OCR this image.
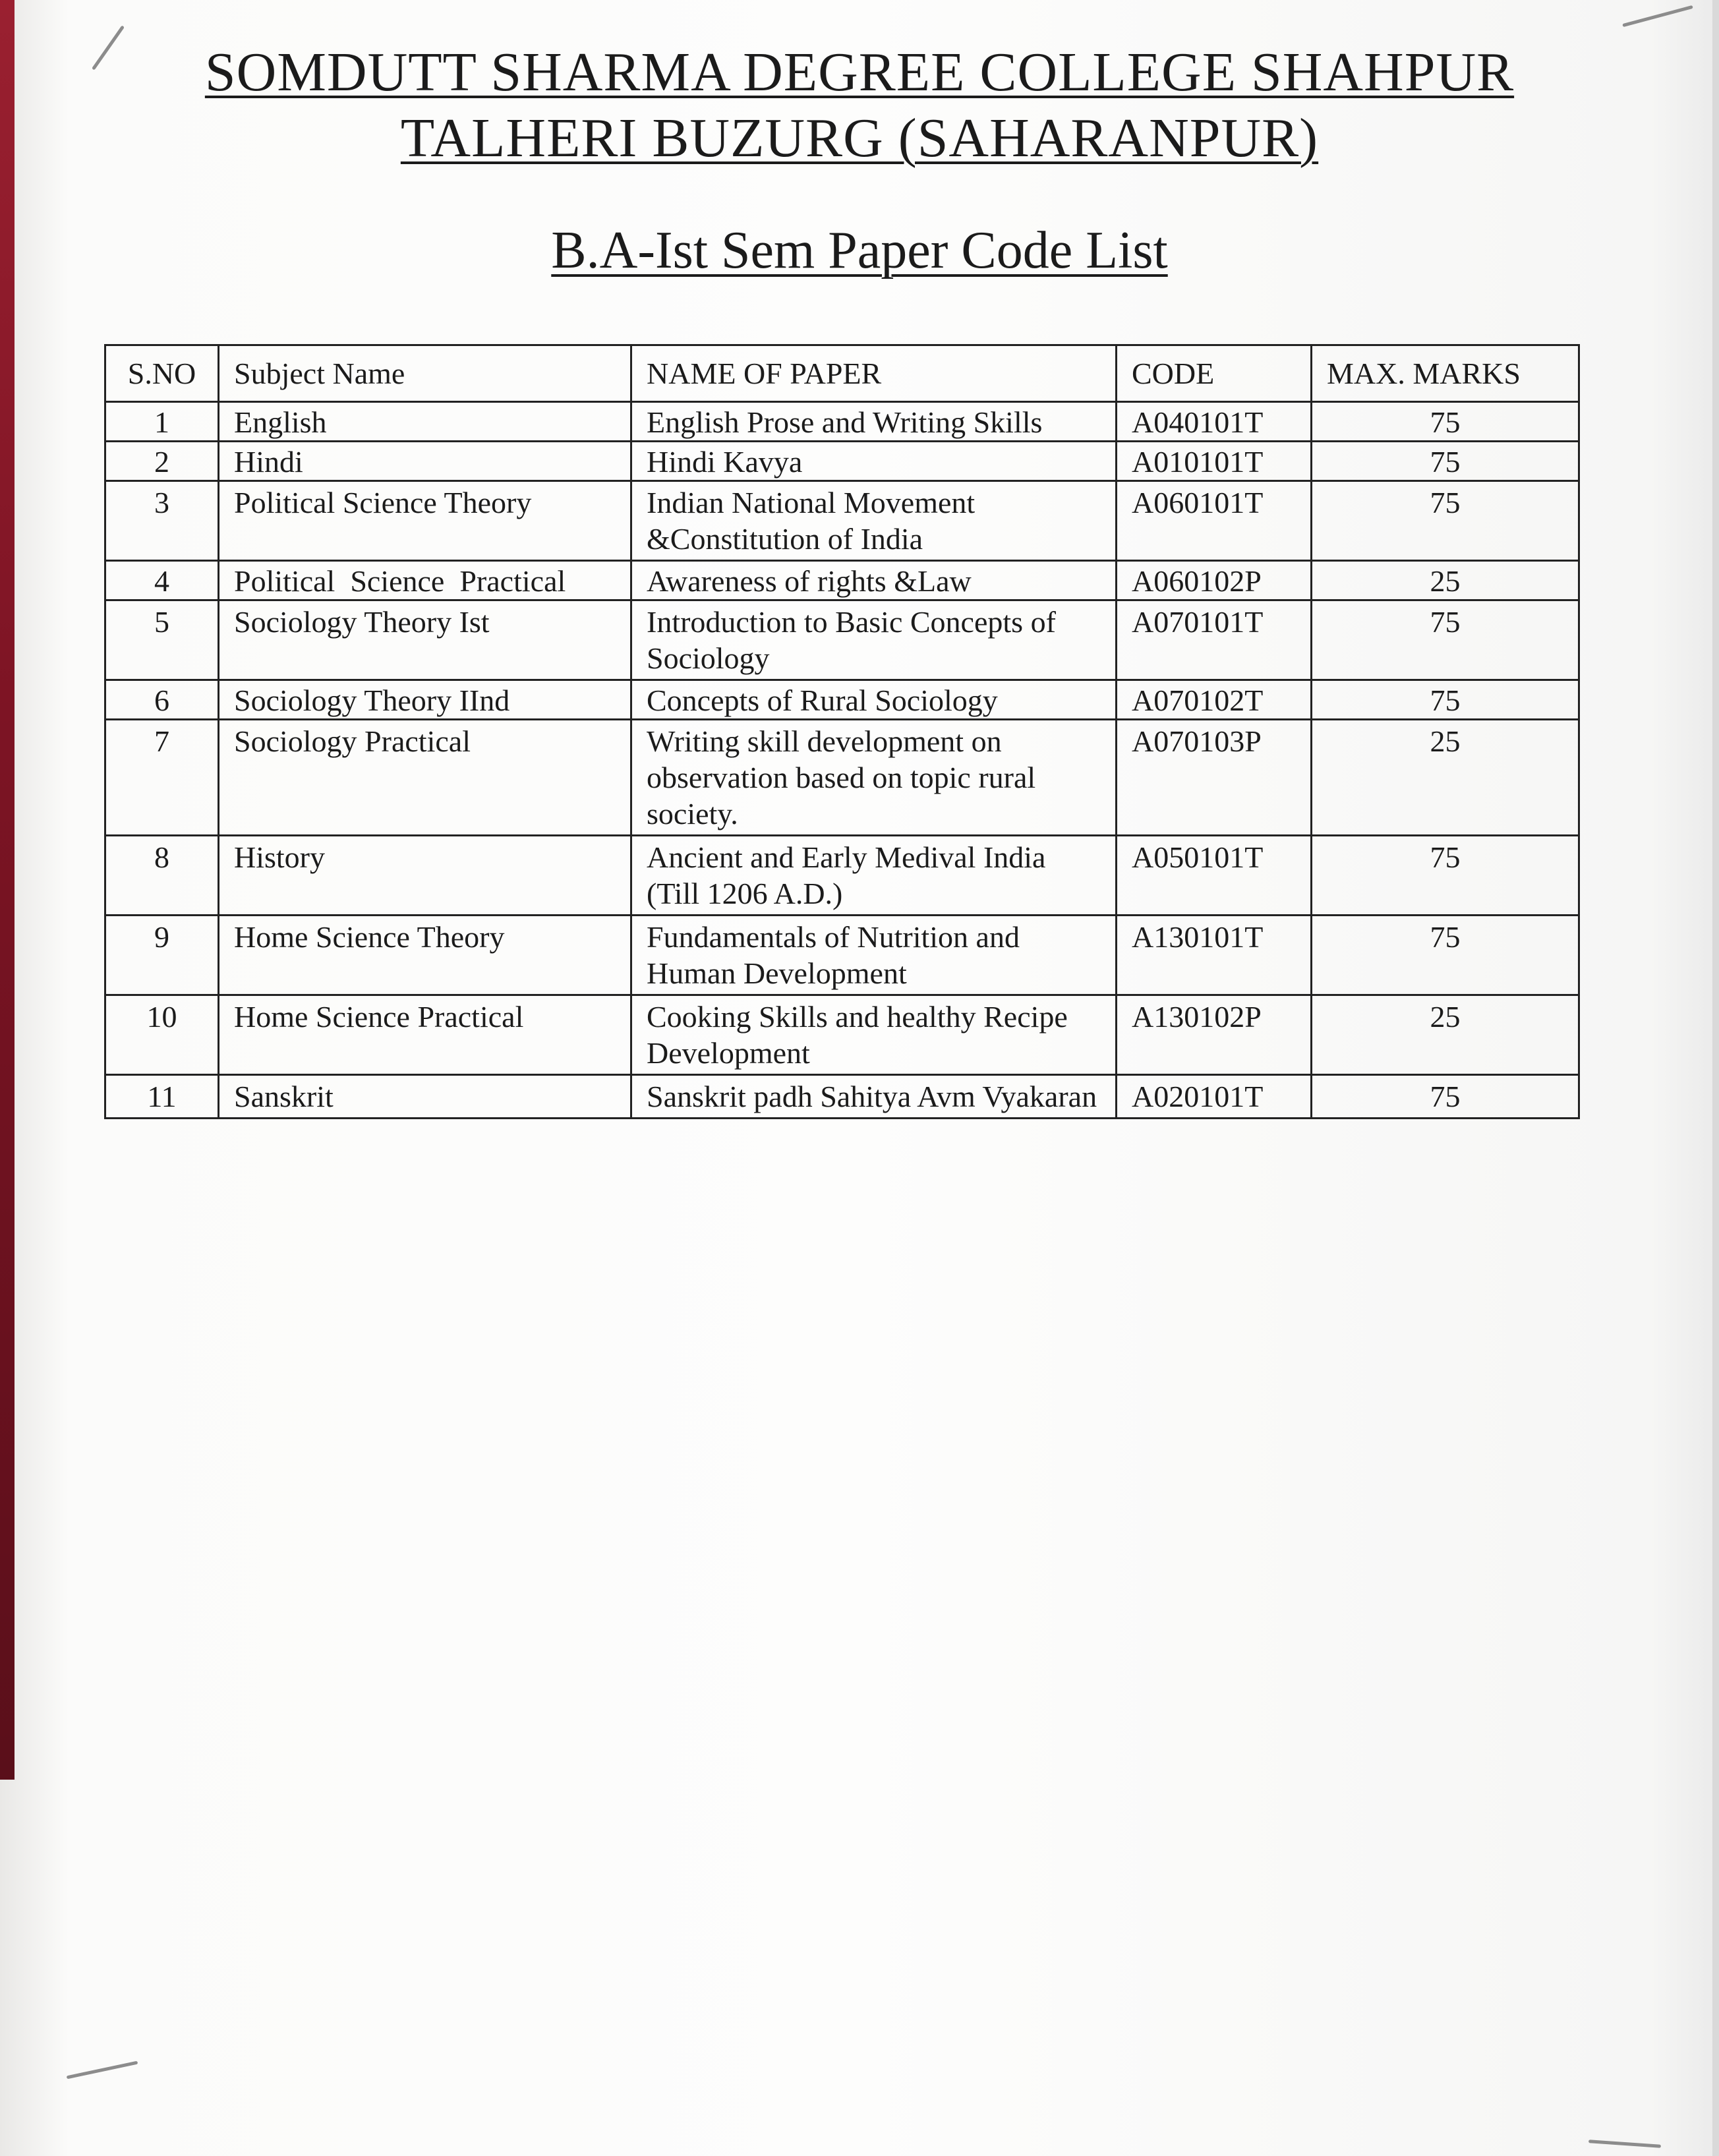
SOMDUTT SHARMA DEGREE COLLEGE SHAHPUR
TALHERI BUZURG (SAHARANPUR)
B.A-Ist Sem Paper Code List
S.NO	Subject Name	NAME OF PAPER	CODE	MAX. MARKS
1	English	English Prose and Writing Skills	A040101T	75
2	Hindi	Hindi Kavya	A010101T	75
3	Political Science Theory	Indian National Movement &Constitution of India	A060101T	75
4	Political  Science  Practical	Awareness of rights &Law	A060102P	25
5	Sociology Theory Ist	Introduction to Basic Concepts of Sociology	A070101T	75
6	Sociology Theory IInd	Concepts of Rural Sociology	A070102T	75
7	Sociology Practical	Writing skill development on observation based on topic rural society.	A070103P	25
8	History	Ancient and Early Medival India (Till 1206 A.D.)	A050101T	75
9	Home Science Theory	Fundamentals of Nutrition and Human Development	A130101T	75
10	Home Science Practical	Cooking Skills and healthy Recipe Development	A130102P	25
11	Sanskrit	Sanskrit padh Sahitya Avm Vyakaran	A020101T	75
